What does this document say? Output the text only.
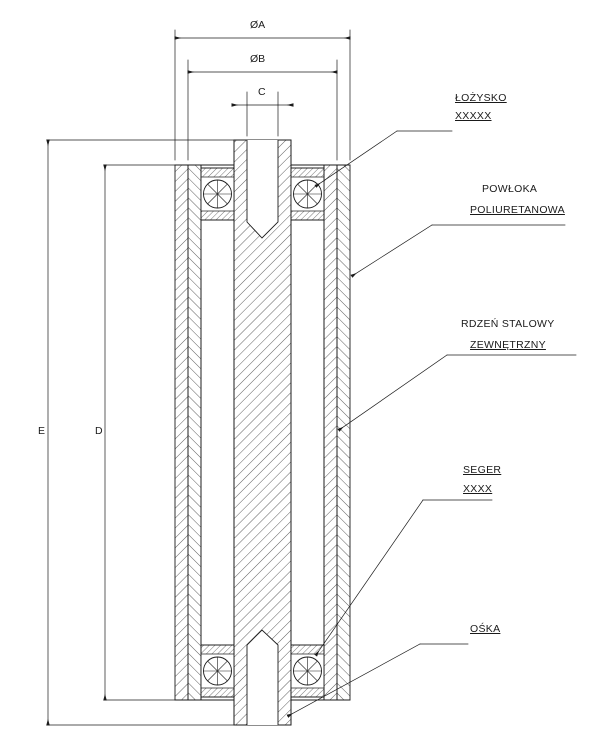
ØA
ØB
C
D
E
ŁOŻYSKO
XXXXX
POWŁOKA
POLIURETANOWA
RDZEŃ STALOWY
ZEWNĘTRZNY
SEGER
XXXX
OŚKA
